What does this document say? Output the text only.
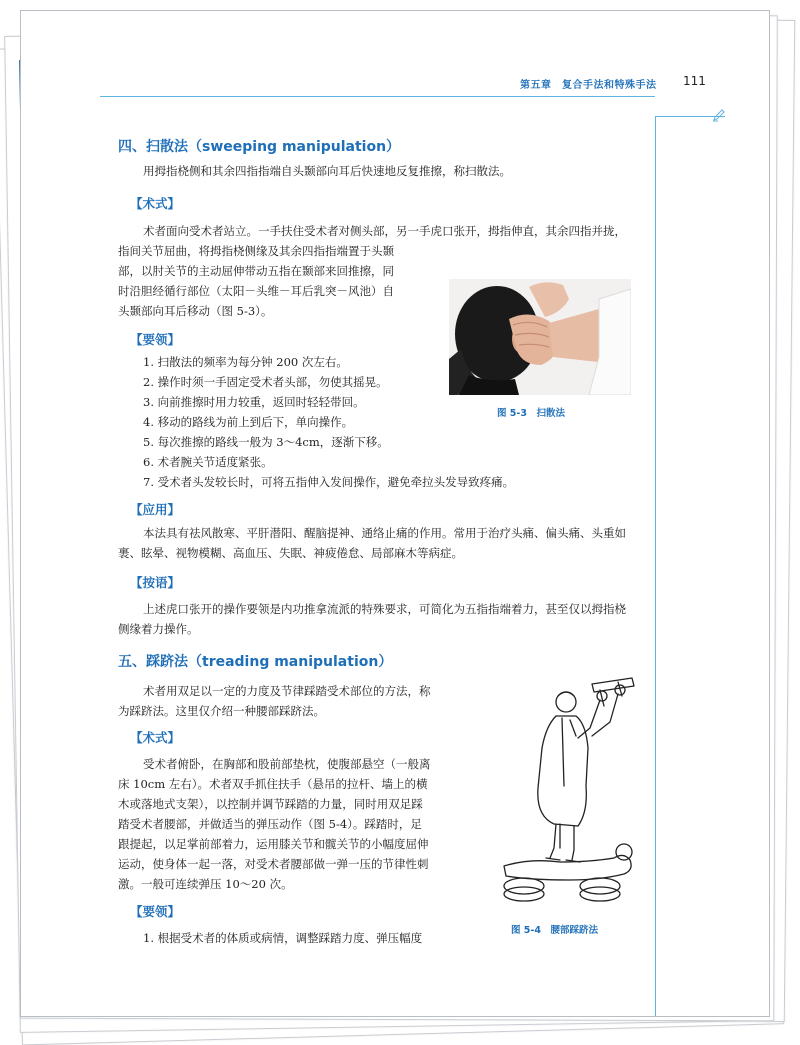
第五章　复合手法和特殊手法 111
四、扫散法（sweeping manipulation）
用拇指桡侧和其余四指指端自头颞部向耳后快速地反复推擦，称扫散法。
【术式】
术者面向受术者站立。一手扶住受术者对侧头部，另一手虎口张开，拇指伸直，其余四指并拢，
指间关节屈曲，将拇指桡侧缘及其余四指指端置于头颞
部，以肘关节的主动屈伸带动五指在颞部来回推擦，同
时沿胆经循行部位（太阳－头维－耳后乳突－风池）自
头颞部向耳后移动（图 5-3）。
【要领】
1. 扫散法的频率为每分钟 200 次左右。
2. 操作时须一手固定受术者头部，勿使其摇晃。
3. 向前推擦时用力较重，返回时轻轻带回。
4. 移动的路线为前上到后下，单向操作。
5. 每次推擦的路线一般为 3～4cm，逐渐下移。
6. 术者腕关节适度紧张。
7. 受术者头发较长时，可将五指伸入发间操作，避免牵拉头发导致疼痛。
图 5-3　扫散法
【应用】
本法具有祛风散寒、平肝潜阳、醒脑提神、通络止痛的作用。常用于治疗头痛、偏头痛、头重如
裹、眩晕、视物模糊、高血压、失眠、神疲倦怠、局部麻木等病症。
【按语】
上述虎口张开的操作要领是内功推拿流派的特殊要求，可简化为五指指端着力，甚至仅以拇指桡
侧缘着力操作。
五、踩跻法（treading manipulation）
术者用双足以一定的力度及节律踩踏受术部位的方法，称
为踩跻法。这里仅介绍一种腰部踩跻法。
【术式】
受术者俯卧，在胸部和股前部垫枕，使腹部悬空（一般离
床 10cm 左右）。术者双手抓住扶手（悬吊的拉杆、墙上的横
木或落地式支架），以控制并调节踩踏的力量，同时用双足踩
踏受术者腰部，并做适当的弹压动作（图 5-4）。踩踏时，足
跟提起，以足掌前部着力，运用膝关节和髋关节的小幅度屈伸
运动，使身体一起一落，对受术者腰部做一弹一压的节律性刺
激。一般可连续弹压 10～20 次。
【要领】
1. 根据受术者的体质或病情，调整踩踏力度、弹压幅度
图 5-4　腰部踩跻法
